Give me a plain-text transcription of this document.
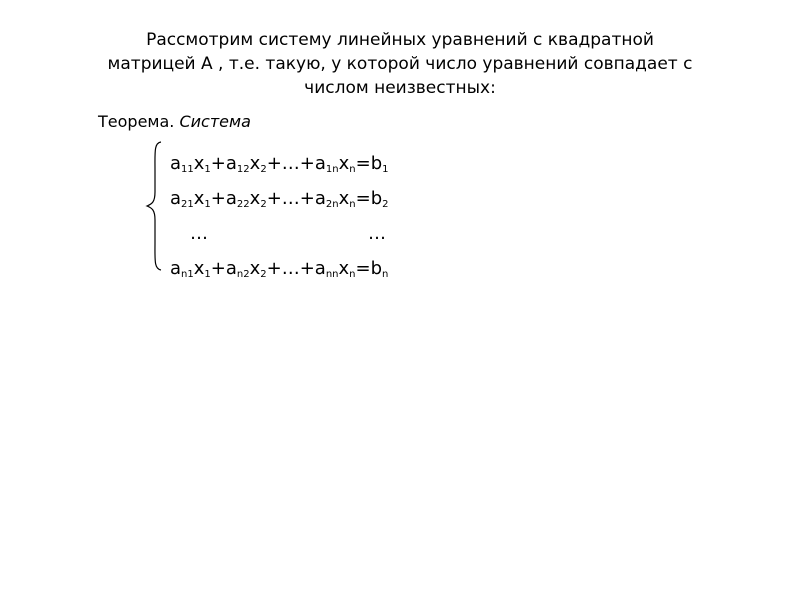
Рассмотрим систему линейных уравнений с квадратной
матрицей А , т.е. такую, у которой число уравнений совпадает с
числом неизвестных:
Теорема. Система
$a_{11}x_1+a_{12}x_2+\dots+a_{1n}x_n=b_1$
$a_{21}x_1+a_{22}x_2+\dots+a_{2n}x_n=b_2$
…	…
$a_{n1}x_1+a_{n2}x_2+\dots+a_{nn}x_n=b_n$
